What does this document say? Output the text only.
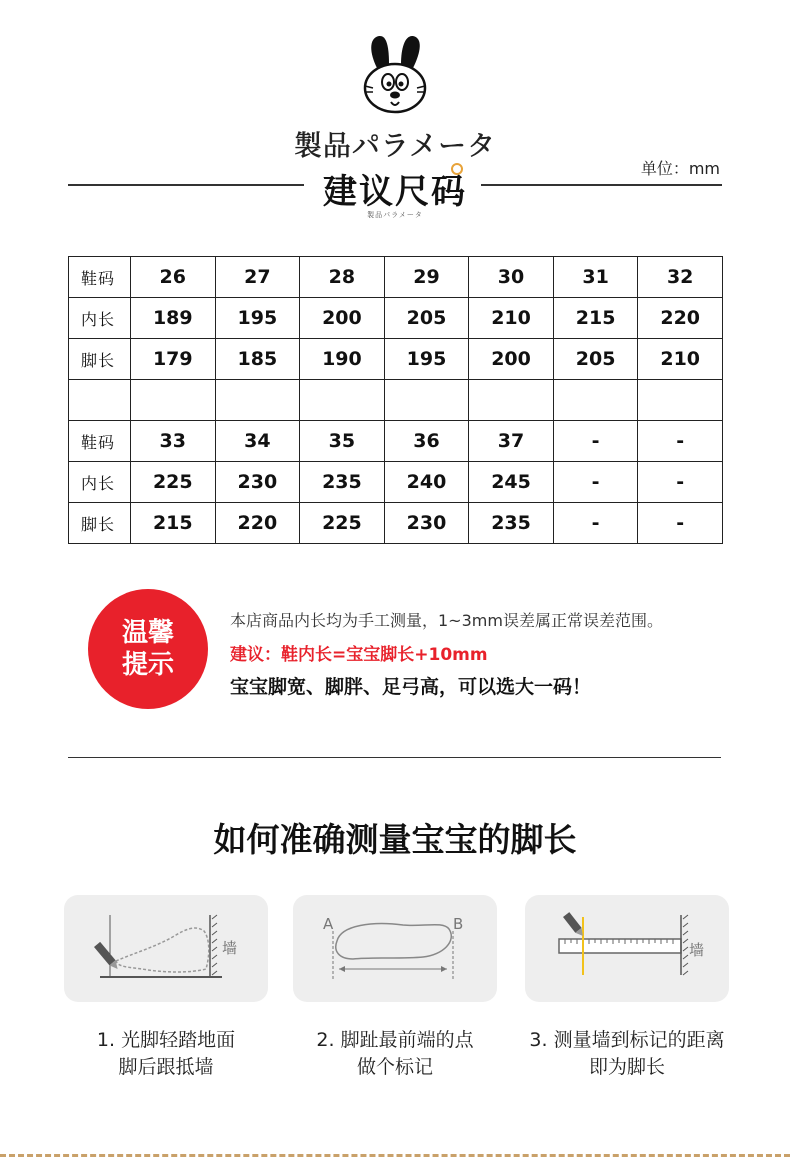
製品パラメータ
建议尺码
製品パラメータ
单位：mm
鞋码	26	27	28	29	30	31	32
内长	189	195	200	205	210	215	220
脚长	179	185	190	195	200	205	210

鞋码	33	34	35	36	37	-	-
内长	225	230	235	240	245	-	-
脚长	215	220	225	230	235	-	-
温馨
提示
本店商品内长均为手工测量，1~3mm误差属正常误差范围。
建议：鞋内长=宝宝脚长+10mm
宝宝脚宽、脚胖、足弓高，可以选大一码！
如何准确测量宝宝的脚长
墙
A	B
墙
1. 光脚轻踏地面
脚后跟抵墙
2. 脚趾最前端的点
做个标记
3. 测量墙到标记的距离
即为脚长
